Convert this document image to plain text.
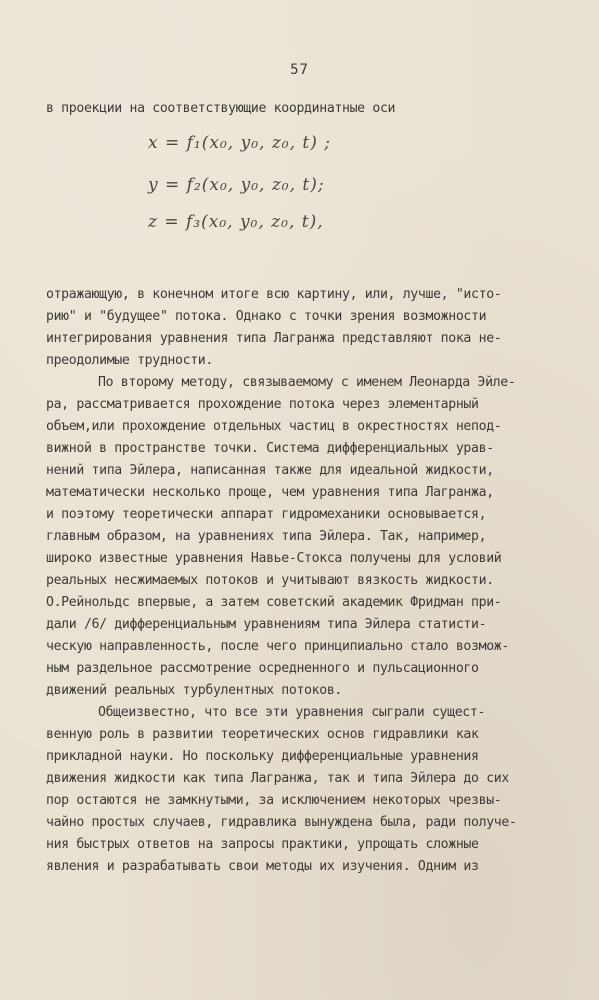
57
в проекции на соответствующие координатные оси
x = f₁(x₀, y₀, z₀, t) ;
y = f₂(x₀, y₀, z₀, t);
z = f₃(x₀, y₀, z₀, t),
отражающую, в конечном итоге всю картину, или, лучше, "исто-
рию" и "будущее" потока. Однако с точки зрения возможности
интегрирования уравнения типа Лагранжа представляют пока не-
преодолимые трудности.
По второму методу, связываемому с именем Леонарда Эйле-
ра, рассматривается прохождение потока через элементарный
объем,или прохождение отдельных частиц в окрестностях непод-
вижной в пространстве точки. Система дифференциальных урав-
нений типа Эйлера, написанная также для идеальной жидкости,
математически несколько проще, чем уравнения типа Лагранжа,
и поэтому теоретически аппарат гидромеханики основывается,
главным образом, на уравнениях типа Эйлера. Так, например,
широко известные уравнения Навье-Стокса получены для условий
реальных несжимаемых потоков и учитывают вязкость жидкости.
О.Рейнольдс впервые, а затем советский академик Фридман при-
дали /6/ дифференциальным уравнениям типа Эйлера статисти-
ческую направленность, после чего принципиально стало возмож-
ным раздельное рассмотрение осредненного и пульсационного
движений реальных турбулентных потоков.
Общеизвестно, что все эти уравнения сыграли сущест-
венную роль в развитии теоретических основ гидравлики как
прикладной науки. Но поскольку дифференциальные уравнения
движения жидкости как типа Лагранжа, так и типа Эйлера до сих
пор остаются не замкнутыми, за исключением некоторых чрезвы-
чайно простых случаев, гидравлика вынуждена была, ради получе-
ния быстрых ответов на запросы практики, упрощать сложные
явления и разрабатывать свои методы их изучения. Одним из
